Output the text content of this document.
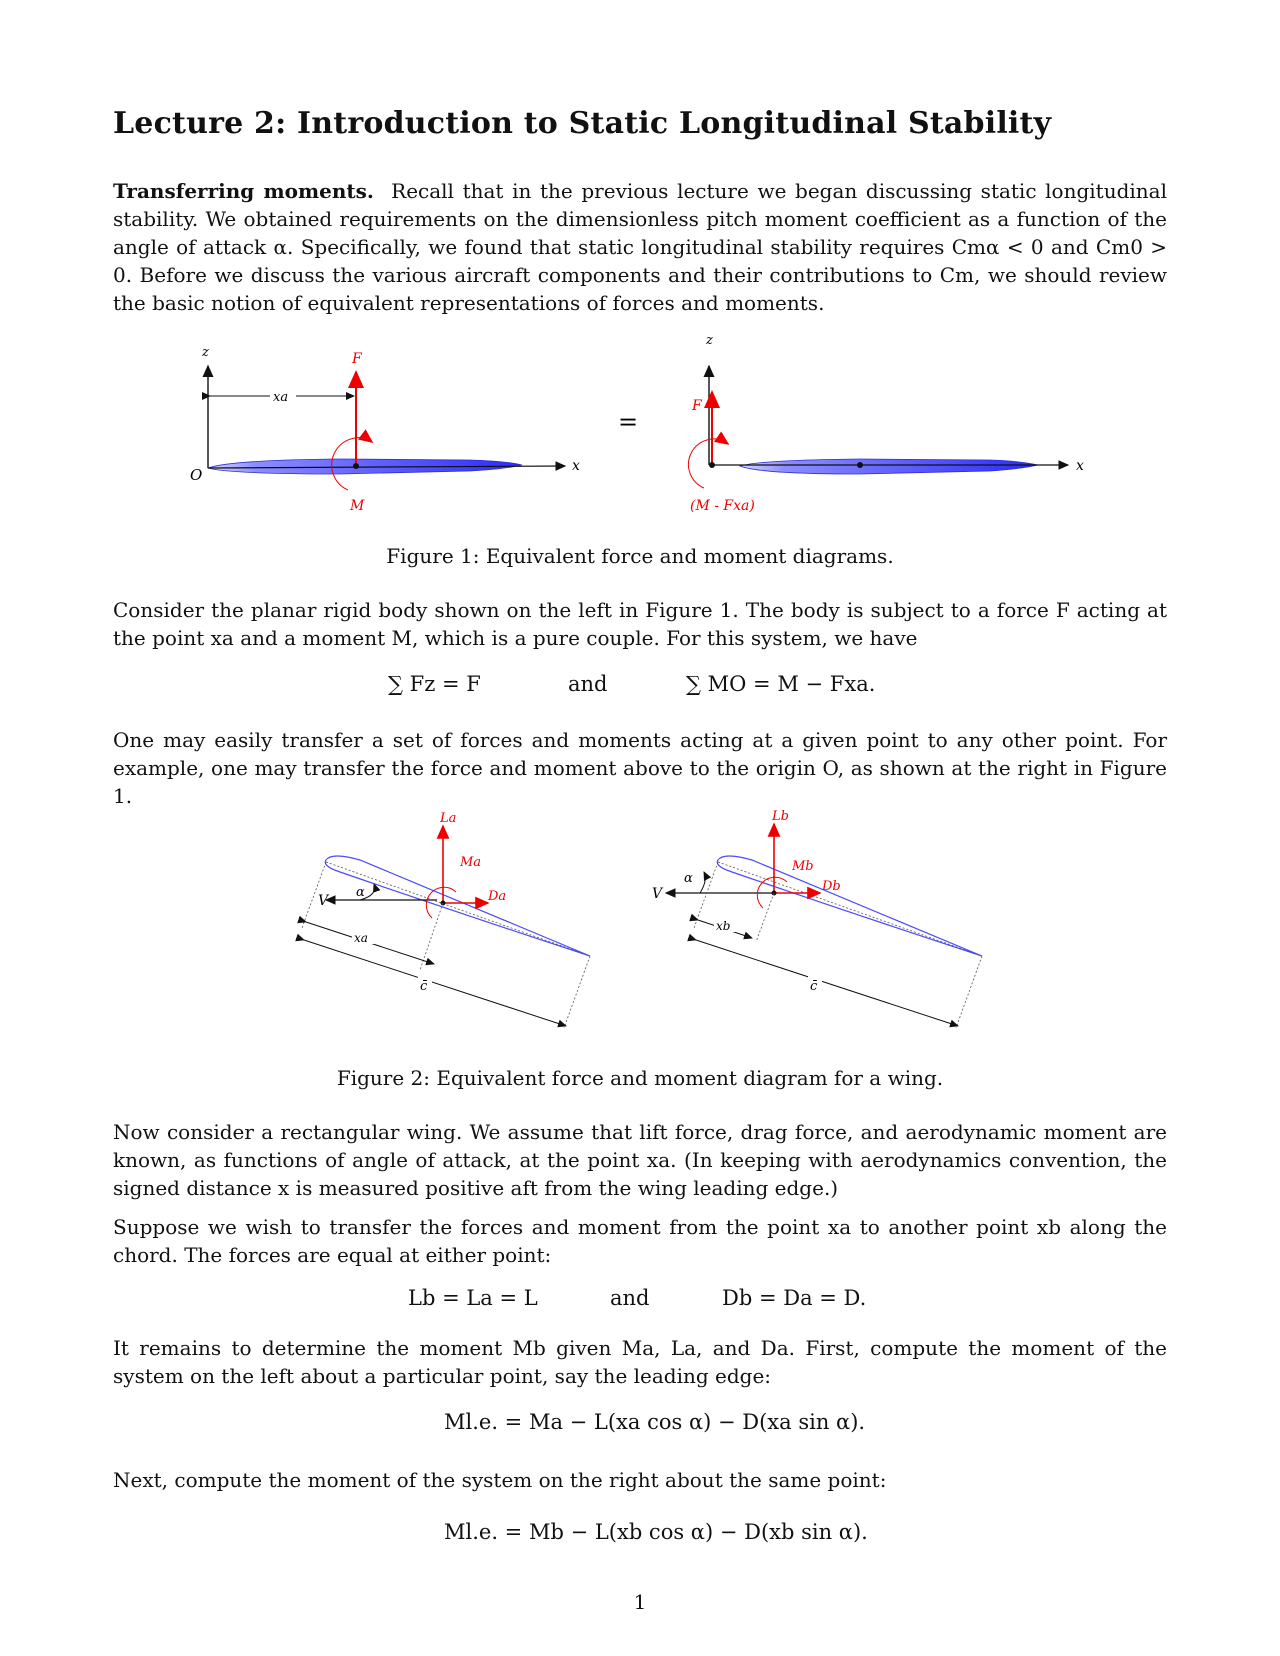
Lecture 2: Introduction to Static Longitudinal Stability
Transferring moments. Recall that in the previous lecture we began discussing static longitudinal stability. We obtained requirements on the dimensionless pitch moment coefficient as a function of the angle of attack α. Specifically, we found that static longitudinal stability requires Cmα < 0 and Cm0 > 0. Before we discuss the various aircraft components and their contributions to Cm, we should review the basic notion of equivalent representations of forces and moments.
z
x
O
xa
F
M
=
z
x
F
(M - Fxa)
Figure 1: Equivalent force and moment diagrams.
Consider the planar rigid body shown on the left in Figure 1. The body is subject to a force F acting at the point xa and a moment M, which is a pure couple. For this system, we have
∑ Fz = F	and	∑ MO = M − Fxa.
One may easily transfer a set of forces and moments acting at a given point to any other point. For example, one may transfer the force and moment above to the origin O, as shown at the right in Figure 1.
V
α
La
Da
Ma
xa
c̄
V
α
Lb
Db
Mb
xb
c̄
Figure 2: Equivalent force and moment diagram for a wing.
Now consider a rectangular wing. We assume that lift force, drag force, and aerodynamic moment are known, as functions of angle of attack, at the point xa. (In keeping with aerodynamics convention, the signed distance x is measured positive aft from the wing leading edge.)
Suppose we wish to transfer the forces and moment from the point xa to another point xb along the chord. The forces are equal at either point:
Lb = La = L	and	Db = Da = D.
It remains to determine the moment Mb given Ma, La, and Da. First, compute the moment of the system on the left about a particular point, say the leading edge:
Ml.e. = Ma − L(xa cos α) − D(xa sin α).
Next, compute the moment of the system on the right about the same point:
Ml.e. = Mb − L(xb cos α) − D(xb sin α).
1
